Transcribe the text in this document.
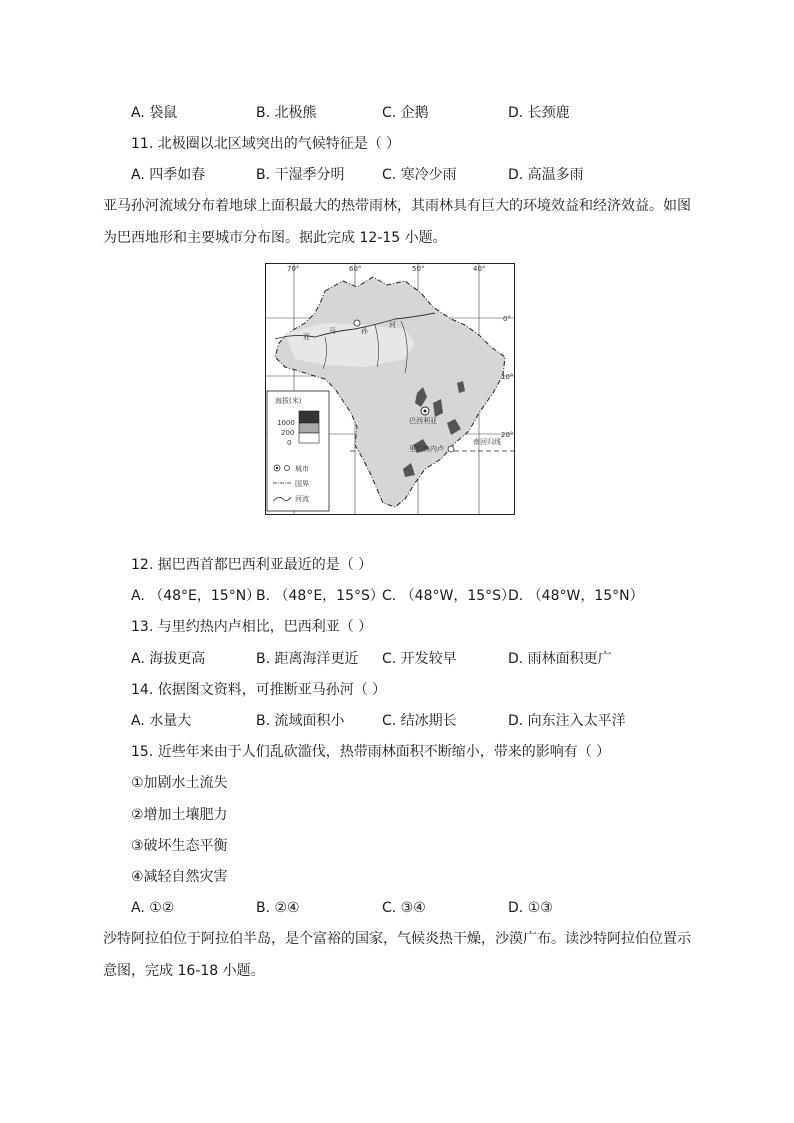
A. 袋鼠	B. 北极熊	C. 企鹅	D. 长颈鹿
11. 北极圈以北区域突出的气候特征是（ ）
A. 四季如春	B. 干湿季分明	C. 寒冷少雨	D. 高温多雨
亚马孙河流域分布着地球上面积最大的热带雨林，其雨林具有巨大的环境效益和经济效益。如图
为巴西地形和主要城市分布图。据此完成 12-15 小题。
70°	60°	50°	40°
0°
10°
20°
亚
马	孙
河
巴西利亚
里约热内卢
南回归线
海拔(米)
1000
200
0
城市
国界
河流
12. 据巴西首都巴西利亚最近的是（ ）
A. （48°E，15°N）
B. （48°E，15°S）
C. （48°W，15°S）
D. （48°W，15°N）
13. 与里约热内卢相比，巴西利亚（ ）
A. 海拔更高	B. 距离海洋更近 C. 开发较早	D. 雨林面积更广
14. 依据图文资料，可推断亚马孙河（ ）
A. 水量大	B. 流域面积小	C. 结冰期长	D. 向东注入太平洋
15. 近些年来由于人们乱砍滥伐，热带雨林面积不断缩小，带来的影响有（ ）
①加剧水土流失
②增加土壤肥力
③破坏生态平衡
④减轻自然灾害
A. ①②	B. ②④	C. ③④	D. ①③
沙特阿拉伯位于阿拉伯半岛，是个富裕的国家，气候炎热干燥，沙漠广布。读沙特阿拉伯位置示
意图，完成 16-18 小题。
